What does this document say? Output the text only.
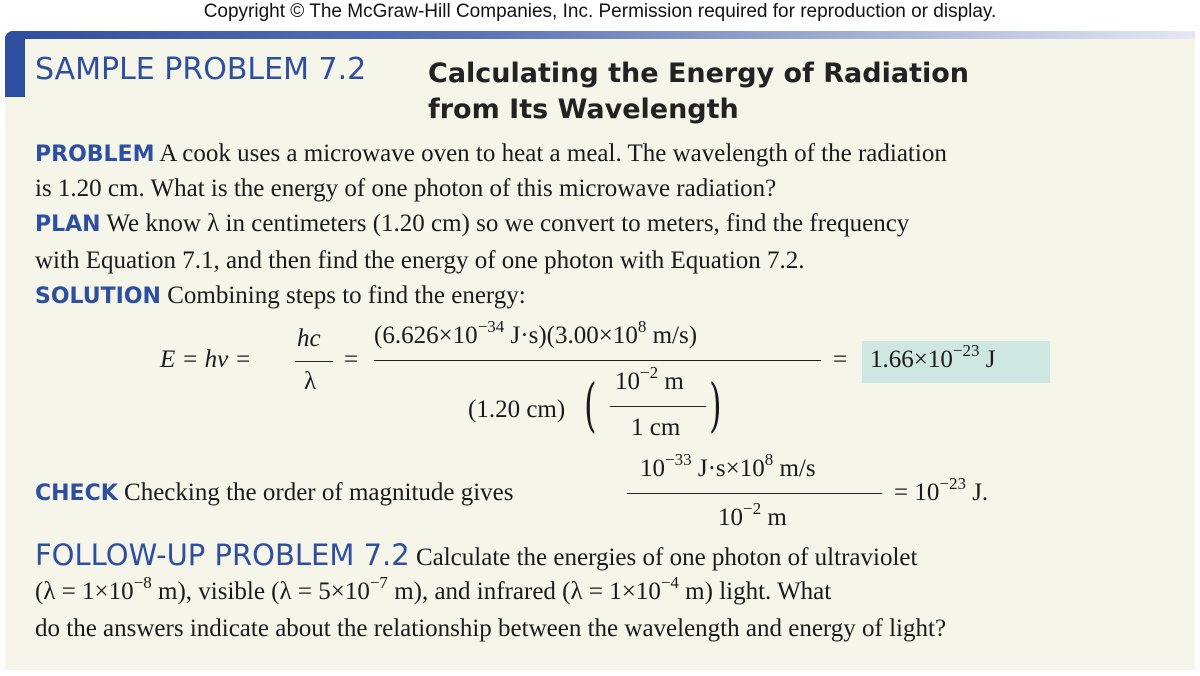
Copyright © The McGraw-Hill Companies, Inc. Permission required for reproduction or display.
SAMPLE PROBLEM 7.2 Calculating the Energy of Radiation
from Its Wavelength
PROBLEM A cook uses a microwave oven to heat a meal. The wavelength of the radiation
is 1.20 cm. What is the energy of one photon of this microwave radiation?
PLAN We know λ in centimeters (1.20 cm) so we convert to meters, find the frequency
with Equation 7.1, and then find the energy of one photon with Equation 7.2.
SOLUTION Combining steps to find the energy:
E = hν =
hc
λ
=
($6.626\times 10^{-34}$ $J\cdot s)(3.00\times 10^8$ m/s)
(1.20 cm) ( $10^{-2}$ m
1 cm )
= $1.66\times 10^{-23}$ J
CHECK Checking the order of magnitude gives
$10^{-33}$ $J\cdot s\times 10^8$ m/s
$10^{-2}$ m
= $10^{-23}$ J.
FOLLOW-UP PROBLEM 7.2 Calculate the energies of one photon of ultraviolet
($\lambda = 1\times 10^{-8}$ m), visible ($\lambda = 5\times 10^{-7}$ m), and infrared ($\lambda = 1\times 10^{-4}$ m) light. What
do the answers indicate about the relationship between the wavelength and energy of light?
